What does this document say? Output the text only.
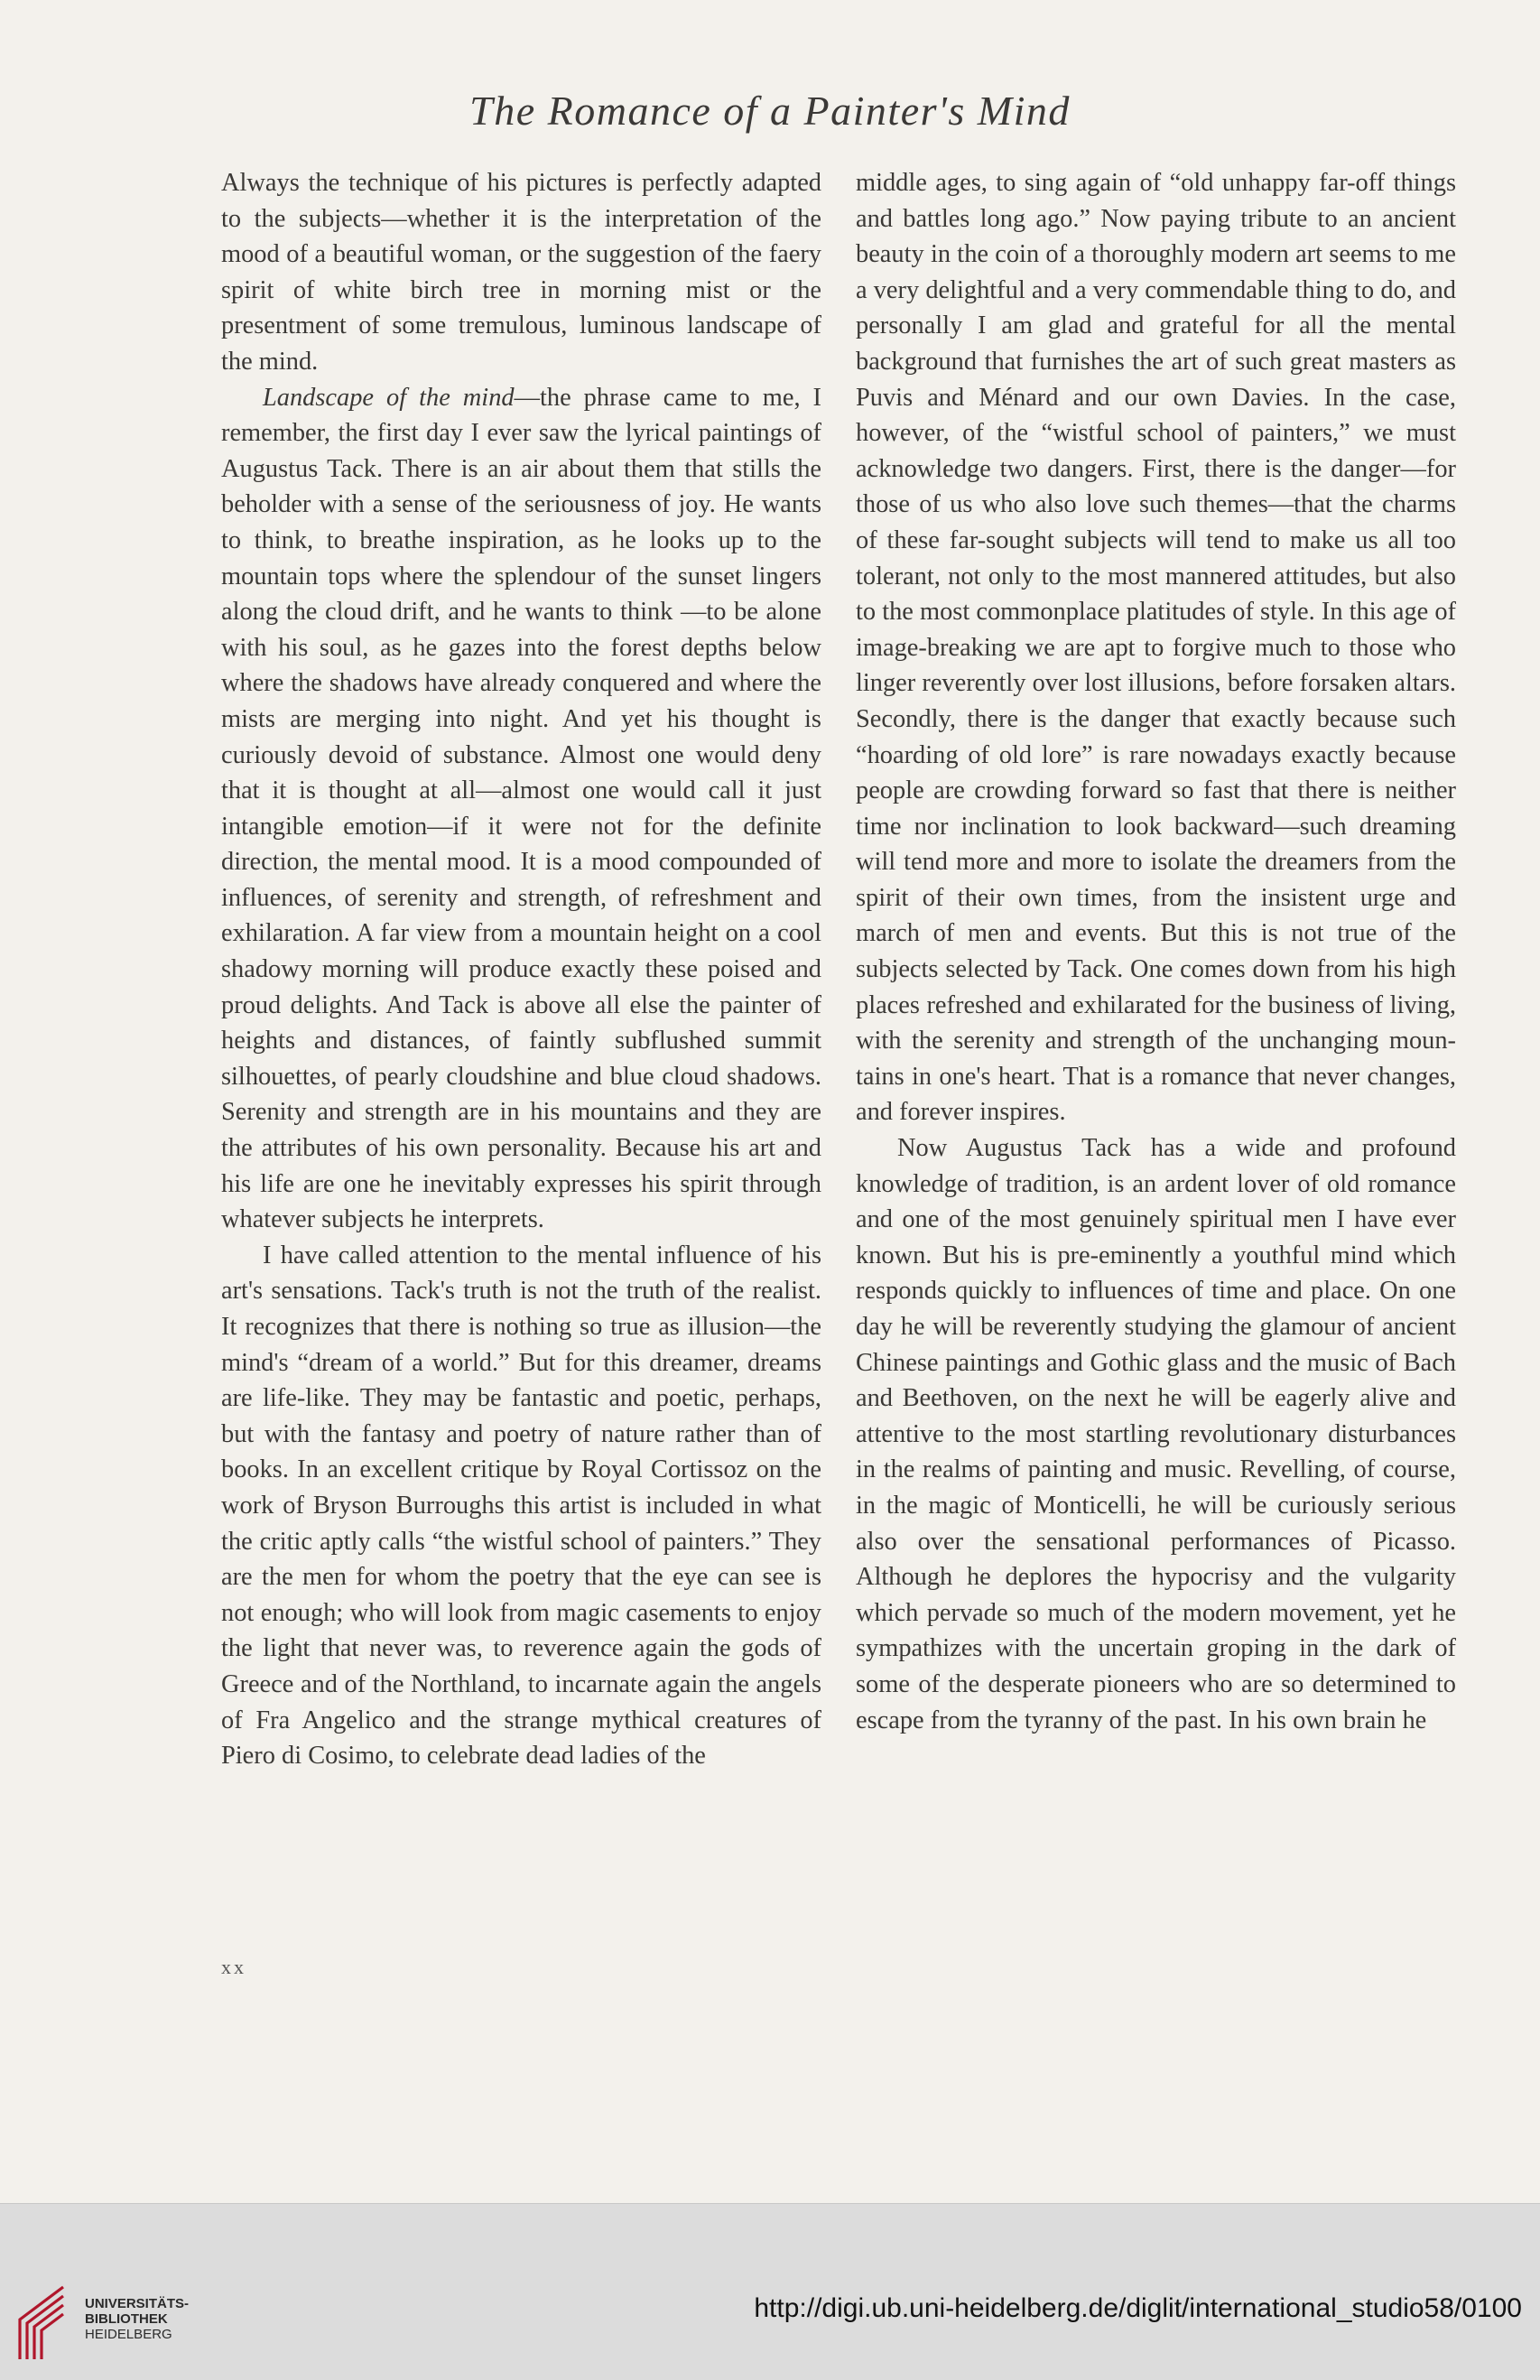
The Romance of a Painter's Mind

Always the technique of his pictures is perfectly adapted to the subjects—whether it is the interpretation of the mood of a beautiful woman, or the suggestion of the faery spirit of white birch tree in morning mist or the presentment of some tremulous, luminous landscape of the mind.

Landscape of the mind—the phrase came to me, I remember, the first day I ever saw the lyrical paintings of Augustus Tack. There is an air about them that stills the beholder with a sense of the seriousness of joy. He wants to think, to breathe inspiration, as he looks up to the mountain tops where the splendour of the sunset lingers along the cloud drift, and he wants to think —to be alone with his soul, as he gazes into the forest depths below where the shadows have already conquered and where the mists are merging into night. And yet his thought is curiously devoid of substance. Almost one would deny that it is thought at all—almost one would call it just intangible emotion—if it were not for the definite direction, the mental mood. It is a mood compounded of influences, of serenity and strength, of refreshment and exhilaration. A far view from a mountain height on a cool shadowy morning will produce exactly these poised and proud delights. And Tack is above all else the painter of heights and distances, of faintly subflushed summit silhouettes, of pearly cloudshine and blue cloud shadows. Serenity and strength are in his mountains and they are the attributes of his own personality. Because his art and his life are one he inevitably expresses his spirit through whatever subjects he interprets.

I have called attention to the mental influence of his art's sensations. Tack's truth is not the truth of the realist. It recognizes that there is nothing so true as illusion—the mind's “dream of a world.” But for this dreamer, dreams are life-like. They may be fantastic and poetic, perhaps, but with the fantasy and poetry of nature rather than of books. In an excellent critique by Royal Cortissoz on the work of Bryson Burroughs this artist is included in what the critic aptly calls “the wistful school of painters.” They are the men for whom the poetry that the eye can see is not enough; who will look from magic casements to enjoy the light that never was, to reverence again the gods of Greece and of the Northland, to incarnate again the angels of Fra Angelico and the strange mythical creatures of Piero di Cosimo, to celebrate dead ladies of the

middle ages, to sing again of “old unhappy far-off things and battles long ago.” Now paying tribute to an ancient beauty in the coin of a thoroughly modern art seems to me a very delightful and a very commendable thing to do, and personally I am glad and grateful for all the mental background that furnishes the art of such great masters as Puvis and Ménard and our own Davies. In the case, however, of the “wistful school of painters,” we must acknowledge two dangers. First, there is the danger—for those of us who also love such themes—that the charms of these far-sought subjects will tend to make us all too tolerant, not only to the most mannered attitudes, but also to the most commonplace platitudes of style. In this age of image-breaking we are apt to forgive much to those who linger reverently over lost illusions, before forsaken altars. Secondly, there is the danger that exactly because such “hoarding of old lore” is rare nowadays exactly because people are crowding forward so fast that there is neither time nor inclination to look backward—such dreaming will tend more and more to isolate the dreamers from the spirit of their own times, from the insistent urge and march of men and events. But this is not true of the subjects selected by Tack. One comes down from his high places refreshed and exhilarated for the business of living, with the serenity and strength of the unchanging mountains in one's heart. That is a romance that never changes, and forever inspires.

Now Augustus Tack has a wide and profound knowledge of tradition, is an ardent lover of old romance and one of the most genuinely spiritual men I have ever known. But his is pre-eminently a youthful mind which responds quickly to influences of time and place. On one day he will be reverently studying the glamour of ancient Chinese paintings and Gothic glass and the music of Bach and Beethoven, on the next he will be eagerly alive and attentive to the most startling revolutionary disturbances in the realms of painting and music. Revelling, of course, in the magic of Monticelli, he will be curiously serious also over the sensational performances of Picasso. Although he deplores the hypocrisy and the vulgarity which pervade so much of the modern movement, yet he sympathizes with the uncertain groping in the dark of some of the desperate pioneers who are so determined to escape from the tyranny of the past. In his own brain he

xx
UNIVERSITÄTS-
BIBLIOTHEK
HEIDELBERG
http://digi.ub.uni-heidelberg.de/diglit/international_studio58/0100
